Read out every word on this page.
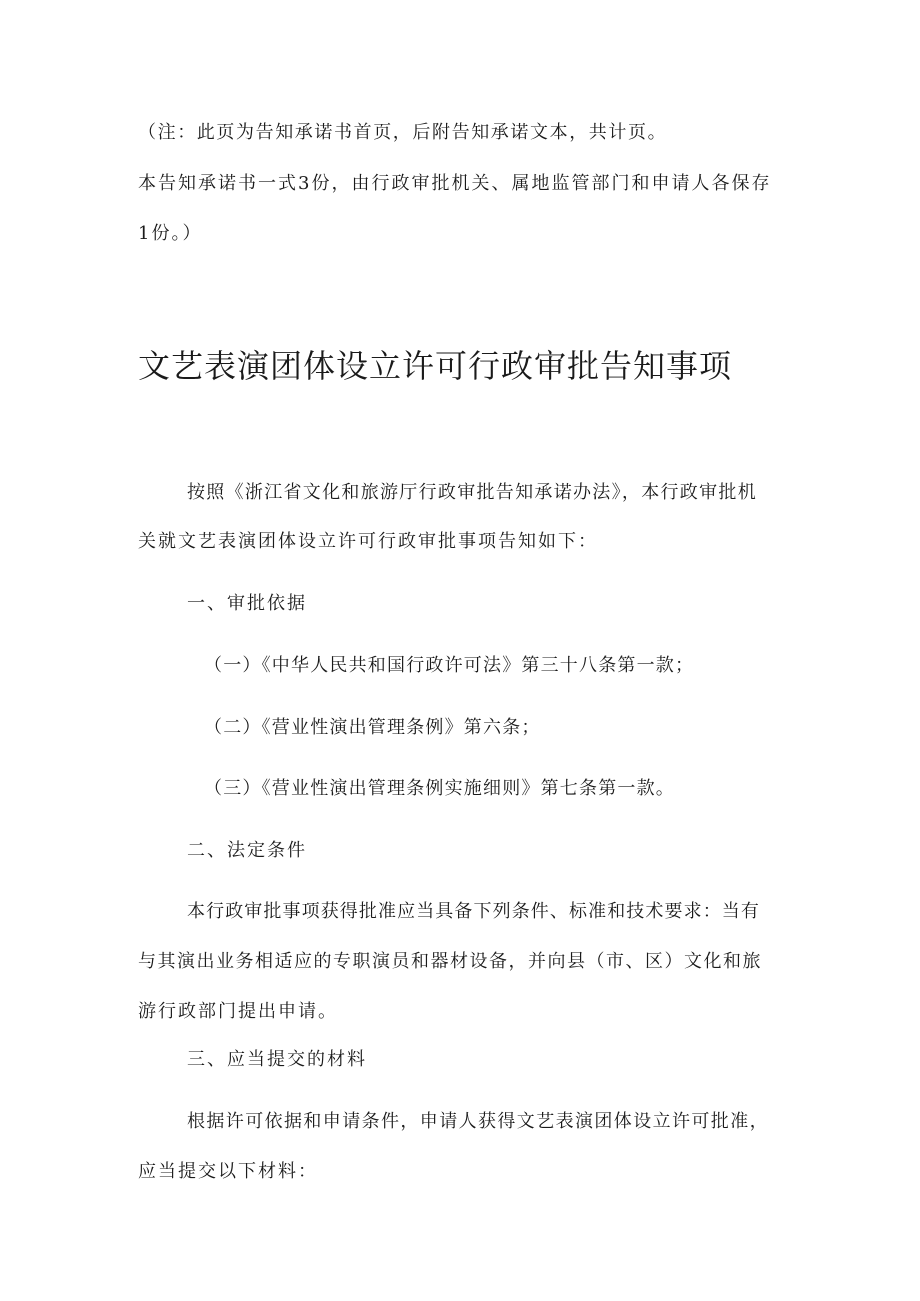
（注：此页为告知承诺书首页，后附告知承诺文本，共计页。
本告知承诺书一式3份，由行政审批机关、属地监管部门和申请人各保存
1份。）
文艺表演团体设立许可行政审批告知事项
按照《浙江省文化和旅游厅行政审批告知承诺办法》，本行政审批机
关就文艺表演团体设立许可行政审批事项告知如下：
一、审批依据
（一）《中华人民共和国行政许可法》第三十八条第一款；
（二）《营业性演出管理条例》第六条；
（三）《营业性演出管理条例实施细则》第七条第一款。
二、法定条件
本行政审批事项获得批准应当具备下列条件、标准和技术要求：当有
与其演出业务相适应的专职演员和器材设备，并向县（市、区）文化和旅
游行政部门提出申请。
三、应当提交的材料
根据许可依据和申请条件，申请人获得文艺表演团体设立许可批准，
应当提交以下材料：
